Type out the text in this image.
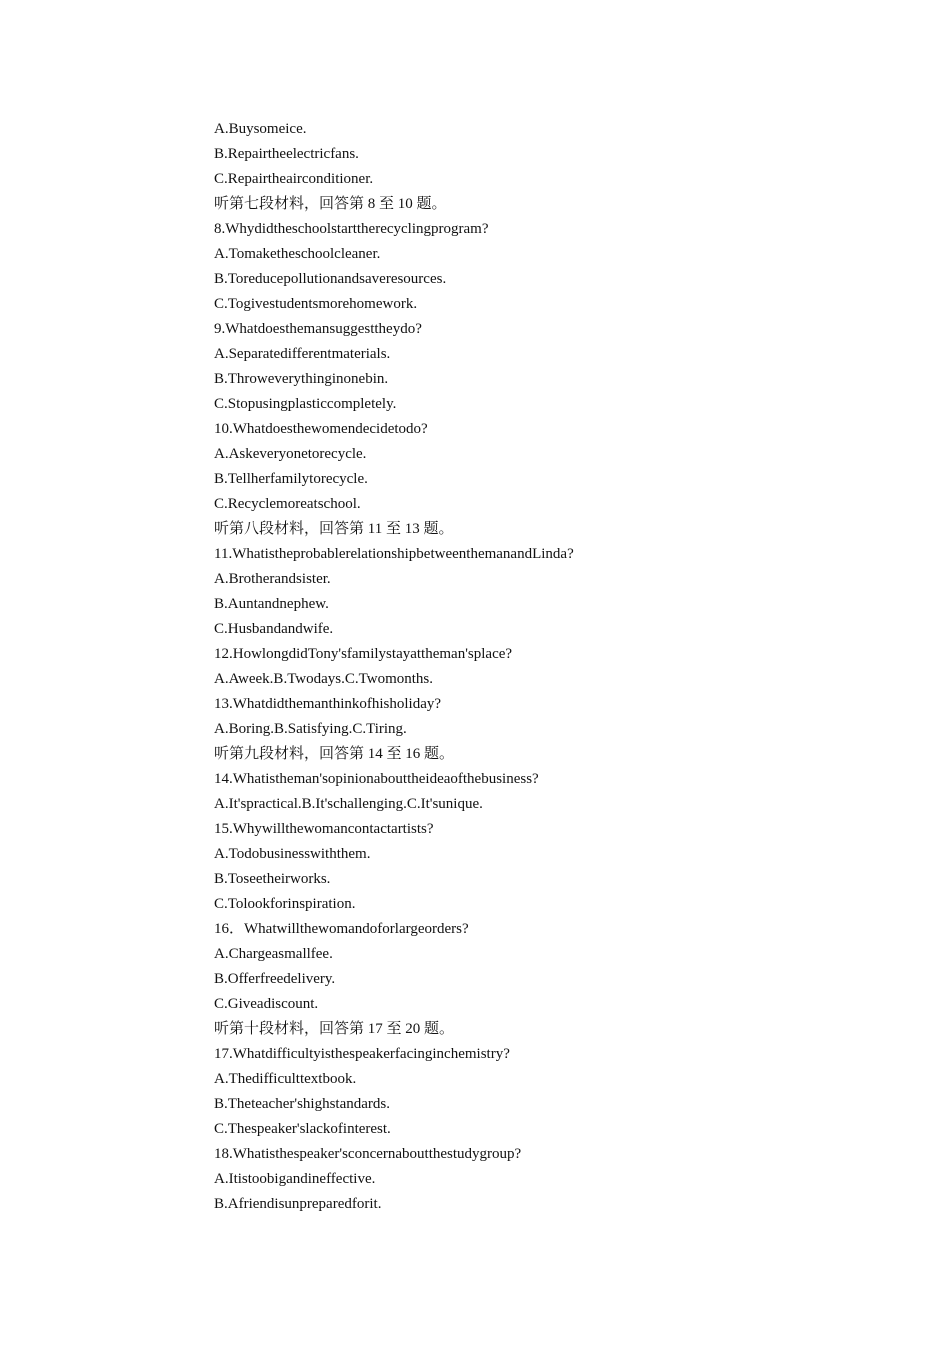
A.Buysomeice.
B.Repairtheelectricfans.
C.Repairtheairconditioner.
听第七段材料，回答第 8 至 10 题。
8.Whydidtheschoolstarttherecyclingprogram?
A.Tomaketheschoolcleaner.
B.Toreducepollutionandsaveresources.
C.Togivestudentsmorehomework.
9.Whatdoesthemansuggesttheydo?
A.Separatedifferentmaterials.
B.Throweverythinginonebin.
C.Stopusingplasticcompletely.
10.Whatdoesthewomendecidetodo?
A.Askeveryonetorecycle.
B.Tellherfamilytorecycle.
C.Recyclemoreatschool.
听第八段材料，回答第 11 至 13 题。
11.WhatistheprobablerelationshipbetweenthemanandLinda?
A.Brotherandsister.
B.Auntandnephew.
C.Husbandandwife.
12.HowlongdidTony'sfamilystayattheman'splace?
A.Aweek.B.Twodays.C.Twomonths.
13.Whatdidthemanthinkofhisholiday?
A.Boring.B.Satisfying.C.Tiring.
听第九段材料，回答第 14 至 16 题。
14.Whatistheman'sopinionabouttheideaofthebusiness?
A.It'spractical.B.It'schallenging.C.It'sunique.
15.Whywillthewomancontactartists?
A.Todobusinesswiththem.
B.Toseetheirworks.
C.Tolookforinspiration.
16．Whatwillthewomandoforlargeorders?
A.Chargeasmallfee.
B.Offerfreedelivery.
C.Giveadiscount.
听第十段材料，回答第 17 至 20 题。
17.Whatdifficultyisthespeakerfacinginchemistry?
A.Thedifficulttextbook.
B.Theteacher'shighstandards.
C.Thespeaker'slackofinterest.
18.Whatisthespeaker'sconcernaboutthestudygroup?
A.Itistoobigandineffective.
B.Afriendisunpreparedforit.
